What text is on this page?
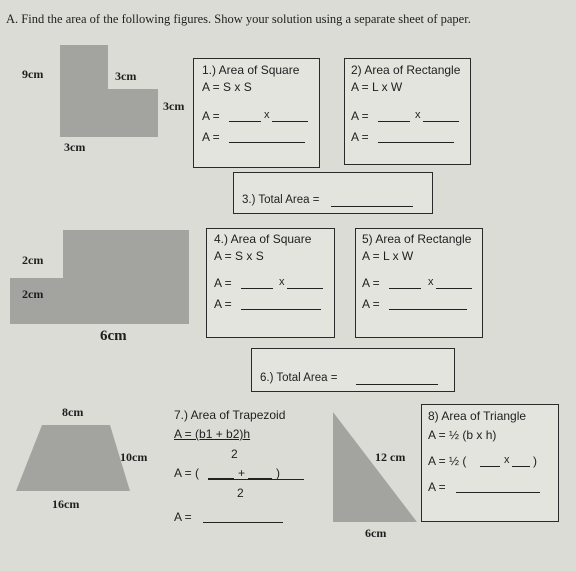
A. Find the area of the following figures. Show your solution using a separate sheet of paper.
9cm	3cm
3cm
3cm
1.) Area of Square
A = S x S
A =	x
A =
2) Area of Rectangle
A = L x W
A =	x
A =
3.) Total Area =
2cm
2cm
6cm
4.) Area of Square
A = S x S
A =	x
A =
5) Area of Rectangle
A = L x W
A =	x
A =
6.) Total Area =
8cm
10cm
16cm
7.) Area of Trapezoid
A = (b1 + b2)h
2
A = (	+	)
2
A =
12 cm
6cm
8) Area of Triangle
A = ½ (b x h)
A = ½ (	x )
A =
